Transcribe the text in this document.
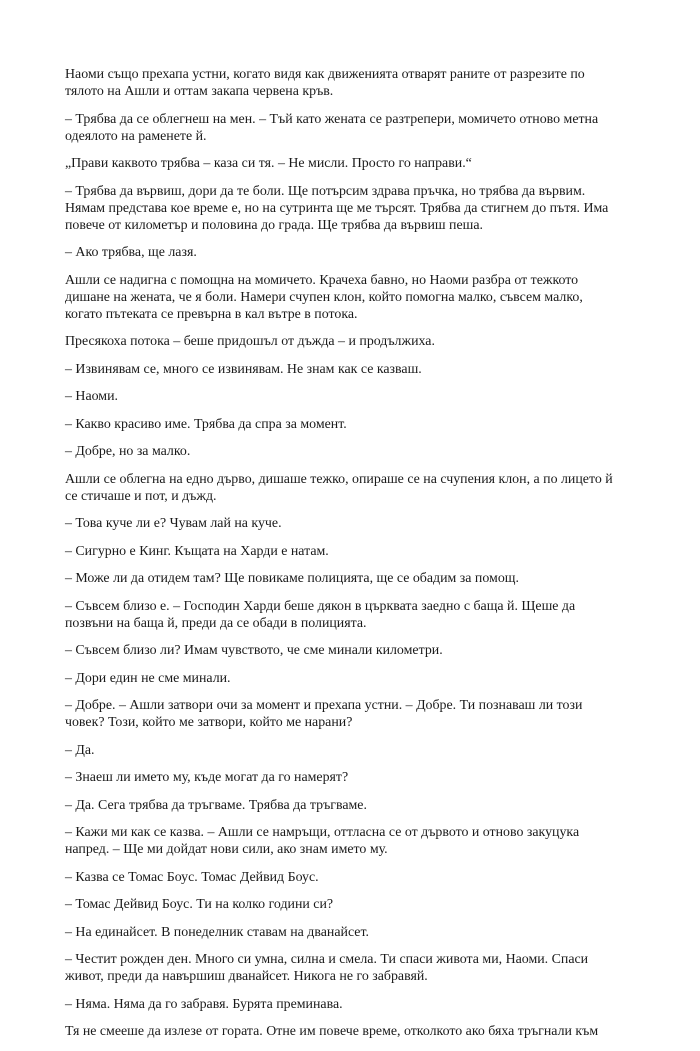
Наоми също прехапа устни, когато видя как движенията отварят раните от разрезите по
тялото на Ашли и оттам закапа червена кръв.

– Трябва да се облегнеш на мен. – Тъй като жената се разтрепери, момичето отново метна
одеялото на раменете й.

„Прави каквото трябва – каза си тя. – Не мисли. Просто го направи.“

– Трябва да вървиш, дори да те боли. Ще потърсим здрава пръчка, но трябва да вървим.
Нямам представа кое време е, но на сутринта ще ме търсят. Трябва да стигнем до пътя. Има
повече от километър и половина до града. Ще трябва да вървиш пеша.

– Ако трябва, ще лазя.

Ашли се надигна с помощна на момичето. Крачеха бавно, но Наоми разбра от тежкото
дишане на жената, че я боли. Намери счупен клон, който помогна малко, съвсем малко,
когато пътеката се превърна в кал вътре в потока.

Пресякоха потока – беше придошъл от дъжда – и продължиха.

– Извинявам се, много се извинявам. Не знам как се казваш.

– Наоми.

– Какво красиво име. Трябва да спра за момент.

– Добре, но за малко.

Ашли се облегна на едно дърво, дишаше тежко, опираше се на счупения клон, а по лицето й
се стичаше и пот, и дъжд.

– Това куче ли е? Чувам лай на куче.

– Сигурно е Кинг. Къщата на Харди е натам.

– Може ли да отидем там? Ще повикаме полицията, ще се обадим за помощ.

– Съвсем близо е. – Господин Харди беше дякон в църквата заедно с баща й. Щеше да
позвъни на баща й, преди да се обади в полицията.

– Съвсем близо ли? Имам чувството, че сме минали километри.

– Дори един не сме минали.

– Добре. – Ашли затвори очи за момент и прехапа устни. – Добре. Ти познаваш ли този
човек? Този, който ме затвори, който ме нарани?

– Да.

– Знаеш ли името му, къде могат да го намерят?

– Да. Сега трябва да тръгваме. Трябва да тръгваме.

– Кажи ми как се казва. – Ашли се намръщи, оттласна се от дървото и отново закуцука
напред. – Ще ми дойдат нови сили, ако знам името му.

– Казва се Томас Боус. Томас Дейвид Боус.

– Томас Дейвид Боус. Ти на колко години си?

– На единайсет. В понеделник ставам на дванайсет.

– Честит рожден ден. Много си умна, силна и смела. Ти спаси живота ми, Наоми. Спаси
живот, преди да навършиш дванайсет. Никога не го забравяй.

– Няма. Няма да го забравя. Бурята преминава.

Тя не смееше да излезе от гората. Отне им повече време, отколкото ако бяха тръгнали към
